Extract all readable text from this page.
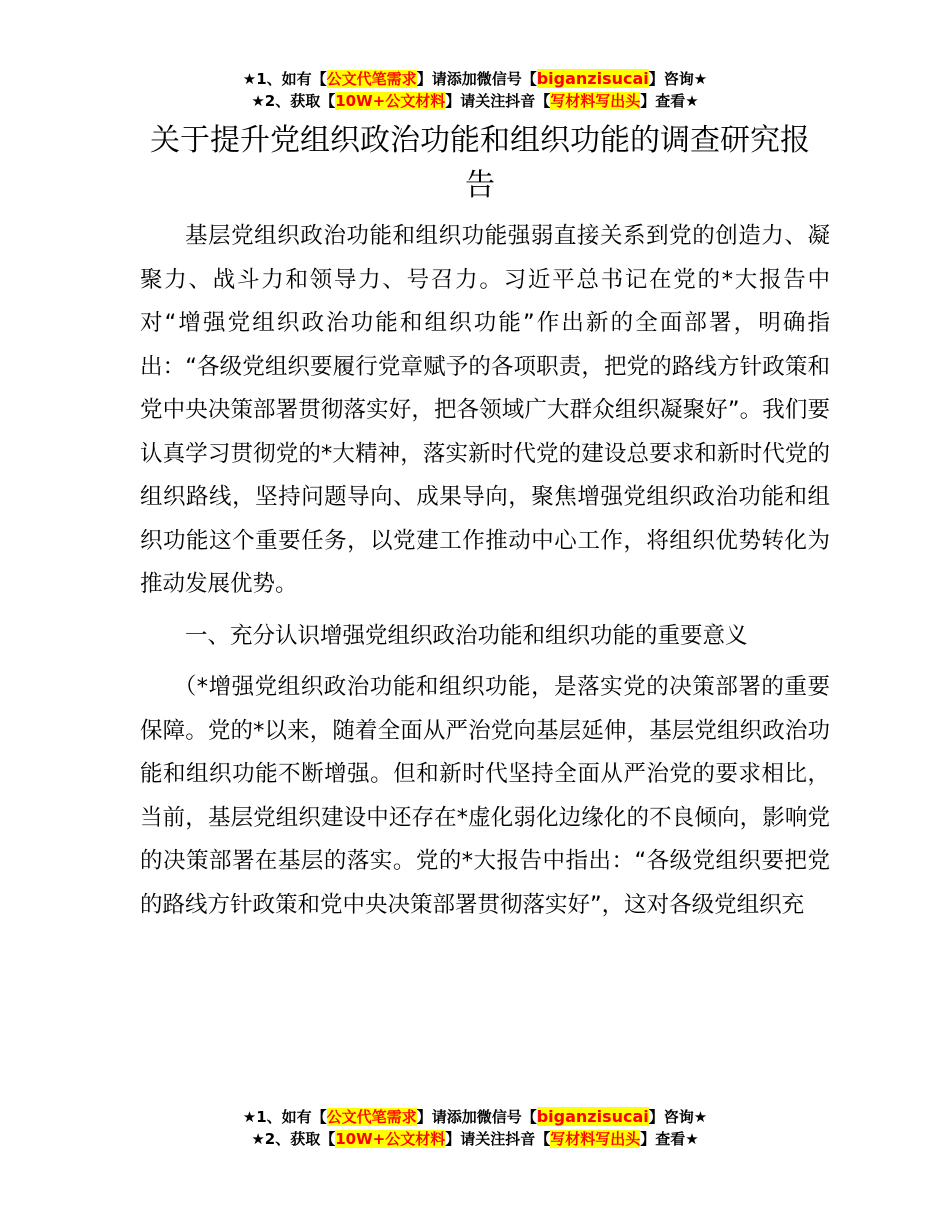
★1、如有【公文代笔需求】请添加微信号【biganzisucai】咨询★
★2、获取【10W+公文材料】请关注抖音【写材料写出头】查看★
关于提升党组织政治功能和组织功能的调查研究报告

基层党组织政治功能和组织功能强弱直接关系到党的创造力、凝聚力、战斗力和领导力、号召力。习近平总书记在党的*大报告中对“增强党组织政治功能和组织功能”作出新的全面部署，明确指出：“各级党组织要履行党章赋予的各项职责，把党的路线方针政策和党中央决策部署贯彻落实好，把各领域广大群众组织凝聚好”。我们要认真学习贯彻党的*大精神，落实新时代党的建设总要求和新时代党的组织路线，坚持问题导向、成果导向，聚焦增强党组织政治功能和组织功能这个重要任务，以党建工作推动中心工作，将组织优势转化为推动发展优势。

一、充分认识增强党组织政治功能和组织功能的重要意义

（*增强党组织政治功能和组织功能，是落实党的决策部署的重要保障。党的*以来，随着全面从严治党向基层延伸，基层党组织政治功能和组织功能不断增强。但和新时代坚持全面从严治党的要求相比，当前，基层党组织建设中还存在*虚化弱化边缘化的不良倾向，影响党的决策部署在基层的落实。党的*大报告中指出：“各级党组织要把党的路线方针政策和党中央决策部署贯彻落实好”，这对各级党组织充

★1、如有【公文代笔需求】请添加微信号【biganzisucai】咨询★
★2、获取【10W+公文材料】请关注抖音【写材料写出头】查看★
